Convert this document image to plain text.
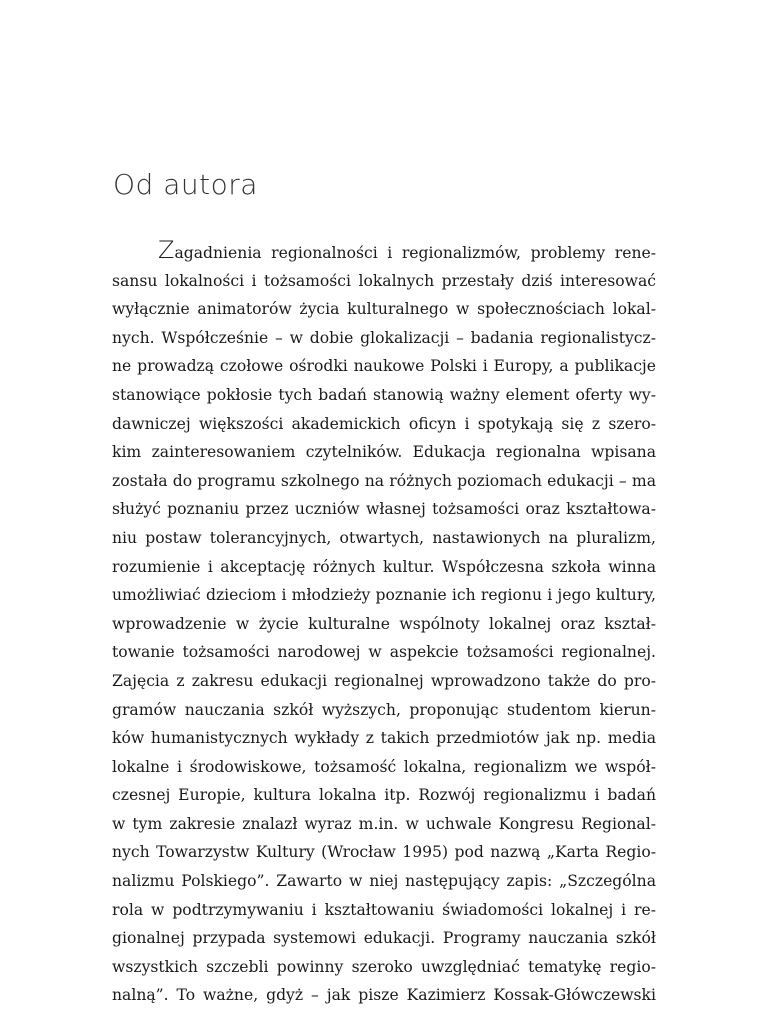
Od autora
Zagadnienia regionalności i regionalizmów, problemy rene-
sansu lokalności i tożsamości lokalnych przestały dziś interesować
wyłącznie animatorów życia kulturalnego w społecznościach lokal-
nych. Współcześnie – w dobie glokalizacji – badania regionalistycz-
ne prowadzą czołowe ośrodki naukowe Polski i Europy, a publikacje
stanowiące pokłosie tych badań stanowią ważny element oferty wy-
dawniczej większości akademickich oficyn i spotykają się z szero-
kim zainteresowaniem czytelników. Edukacja regionalna wpisana
została do programu szkolnego na różnych poziomach edukacji – ma
służyć poznaniu przez uczniów własnej tożsamości oraz kształtowa-
niu postaw tolerancyjnych, otwartych, nastawionych na pluralizm,
rozumienie i akceptację różnych kultur. Współczesna szkoła winna
umożliwiać dzieciom i młodzieży poznanie ich regionu i jego kultury,
wprowadzenie w życie kulturalne wspólnoty lokalnej oraz kształ-
towanie tożsamości narodowej w aspekcie tożsamości regionalnej.
Zajęcia z zakresu edukacji regionalnej wprowadzono także do pro-
gramów nauczania szkół wyższych, proponując studentom kierun-
ków humanistycznych wykłady z takich przedmiotów jak np. media
lokalne i środowiskowe, tożsamość lokalna, regionalizm we współ-
czesnej Europie, kultura lokalna itp. Rozwój regionalizmu i badań
w tym zakresie znalazł wyraz m.in. w uchwale Kongresu Regional-
nych Towarzystw Kultury (Wrocław 1995) pod nazwą „Karta Regio-
nalizmu Polskiego”. Zawarto w niej następujący zapis: „Szczególna
rola w podtrzymywaniu i kształtowaniu świadomości lokalnej i re-
gionalnej przypada systemowi edukacji. Programy nauczania szkół
wszystkich szczebli powinny szeroko uwzględniać tematykę regio-
nalną”. To ważne, gdyż – jak pisze Kazimierz Kossak-Główczewski
